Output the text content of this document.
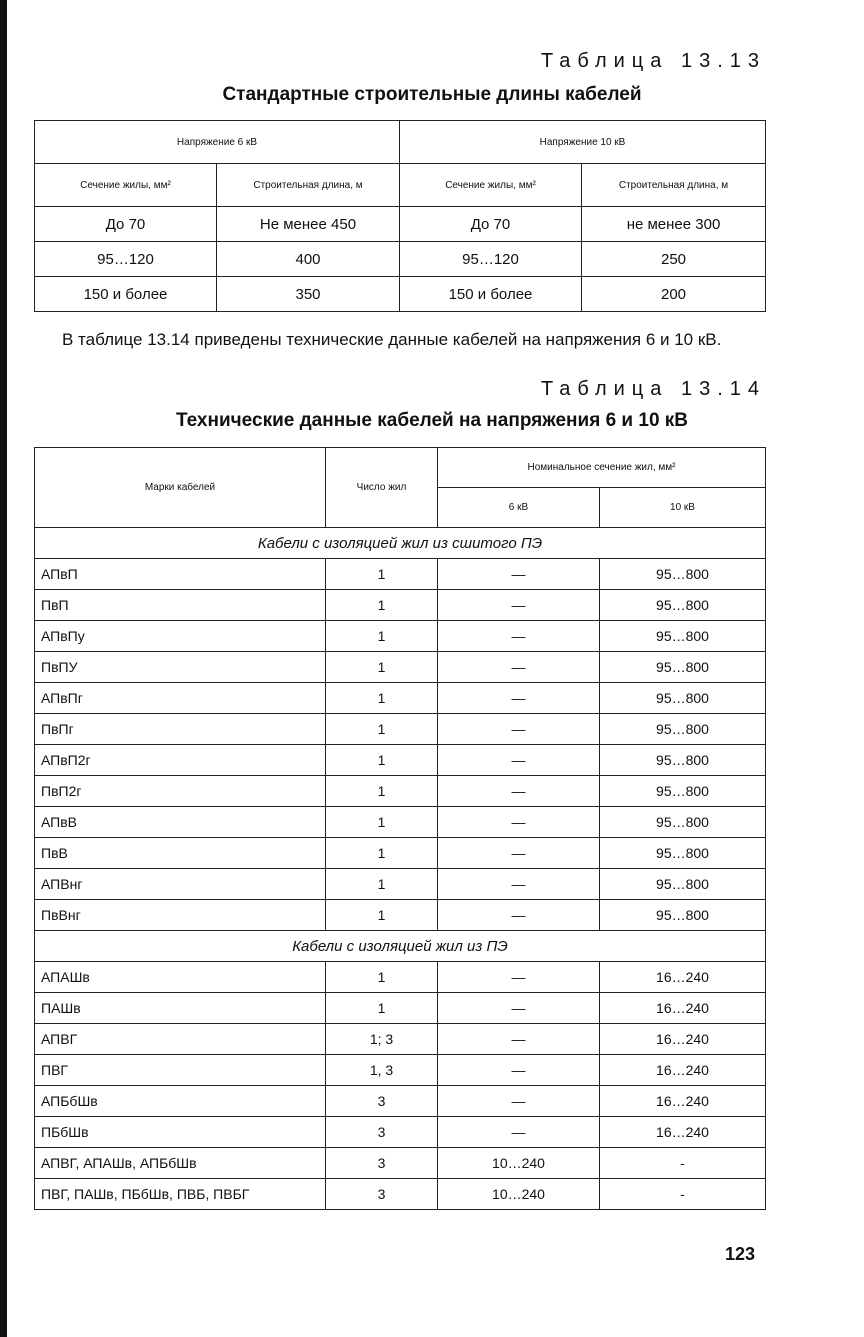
Таблица 13.13
Стандартные строительные длины кабелей
Напряжение 6 кВ		Напряжение 10 кВ	
Сечение жилы, мм²	Строительная длина, м	Сечение жилы, мм²	Строительная длина, м
До 70	Не менее 450	До 70	не менее 300
95…120	400	95…120	250
150 и более	350	150 и более	200
В таблице 13.14 приведены технические данные кабелей на напряжения 6 и 10 кВ.
Таблица 13.14
Технические данные кабелей на напряжения 6 и 10 кВ
Марки кабелей	Число жил	Номинальное сечение жил, мм²	
		6 кВ	10 кВ
Кабели с изоляцией жил из сшитого ПЭ			
АПвП	1	—	95…800
ПвП	1	—	95…800
АПвПу	1	—	95…800
ПвПУ	1	—	95…800
АПвПг	1	—	95…800
ПвПг	1	—	95…800
АПвП2г	1	—	95…800
ПвП2г	1	—	95…800
АПвВ	1	—	95…800
ПвВ	1	—	95…800
АПВнг	1	—	95…800
ПвВнг	1	—	95…800
Кабели с изоляцией жил из ПЭ			
АПАШв	1	—	16…240
ПАШв	1	—	16…240
АПВГ	1; 3	—	16…240
ПВГ	1, 3	—	16…240
АПБбШв	3	—	16…240
ПБбШв	3	—	16…240
АПВГ, АПАШв, АПБбШв	3	10…240	-
ПВГ, ПАШв, ПБбШв, ПВБ, ПВБГ	3	10…240	-
123
